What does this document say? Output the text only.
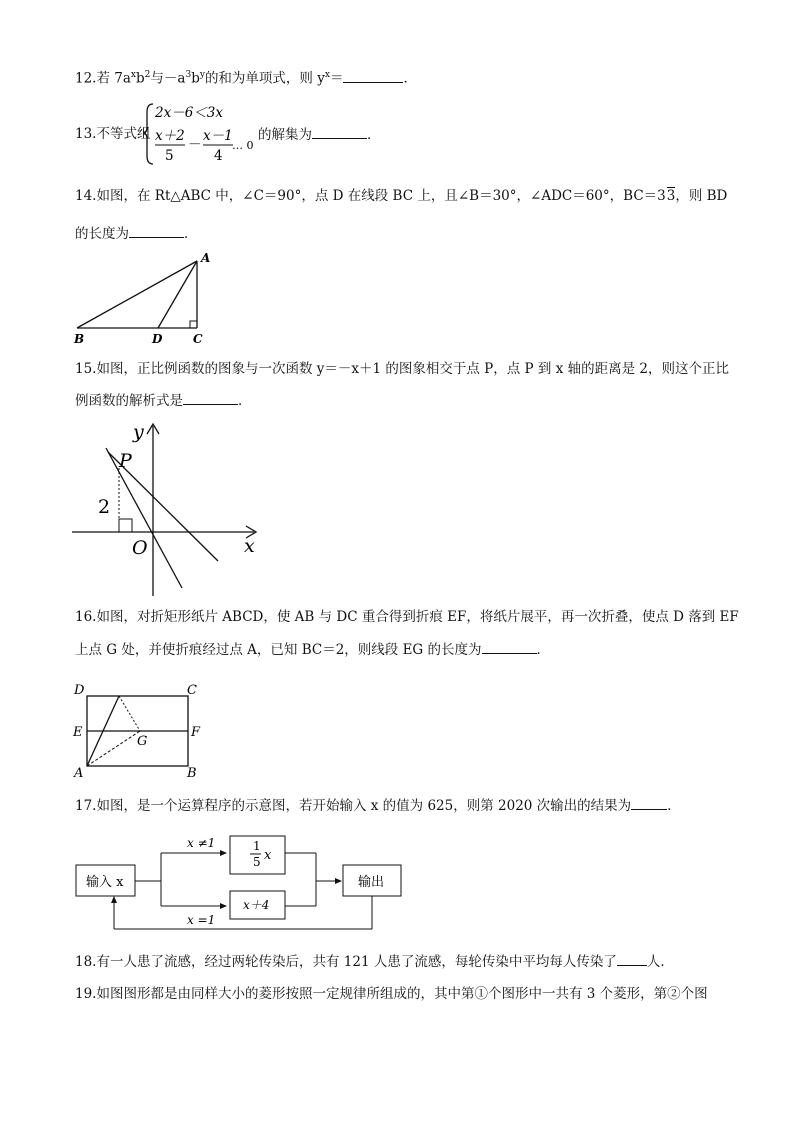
12.若 $7a^xb^2$与$-a^3b^y$的和为单项式，则 $y^x=$	．
13.不等式组
2x－6＜3x
x＋2
5
－
x－1
4
… 0
的解集为	．
14.如图，在 Rt△ABC 中，∠C＝90°，点 D 在线段 BC 上，且∠B＝30°，∠ADC＝60°，BC＝33，则 BD
的长度为	．
A
B	D	C
15.如图，正比例函数的图象与一次函数 y＝－x＋1 的图象相交于点 P，点 P 到 x 轴的距离是 2，则这个正比
例函数的解析式是	．
P
2
O	x
y
16.如图，对折矩形纸片 ABCD，使 AB 与 DC 重合得到折痕 EF，将纸片展平，再一次折叠，使点 D 落到 EF
上点 G 处，并使折痕经过点 A，已知 BC＝2，则线段 EG 的长度为	．
D	C
E	F
G
A	B
17.如图，是一个运算程序的示意图，若开始输入 x 的值为 625，则第 2020 次输出的结果为	．
输入 x
x ≠1
x =1
1
5 x
x＋4
输出
18.有一人患了流感，经过两轮传染后，共有 121 人患了流感，每轮传染中平均每人传染了 人．
19.如图图形都是由同样大小的菱形按照一定规律所组成的，其中第①个图形中一共有 3 个菱形，第②个图
